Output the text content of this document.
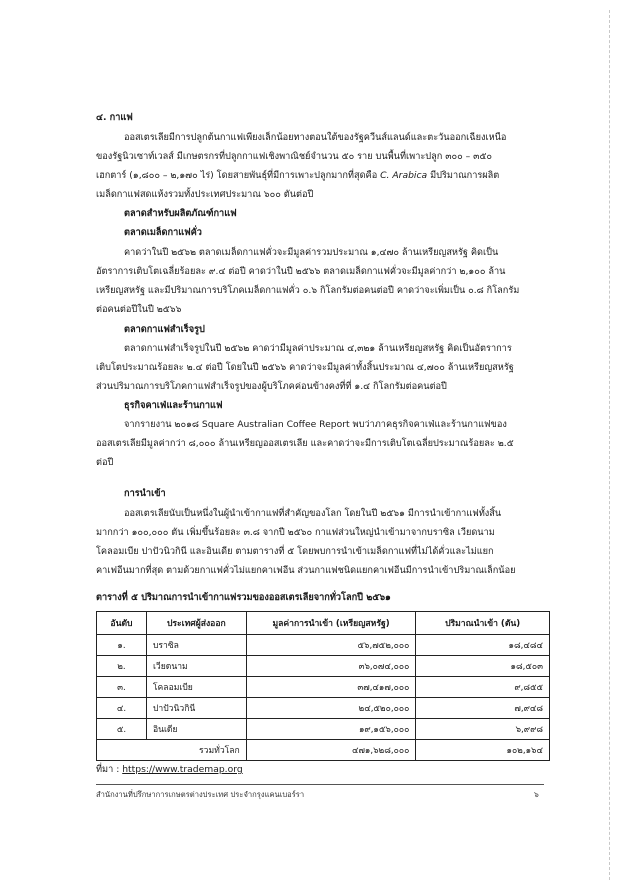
๔. กาแฟ
ออสเตรเลียมีการปลูกต้นกาแฟเพียงเล็กน้อยทางตอนใต้ของรัฐควีนส์แลนด์และตะวันออกเฉียงเหนือ
ของรัฐนิวเซาท์เวลส์ มีเกษตรกรที่ปลูกกาแฟเชิงพาณิชย์จำนวน ๕๐ ราย บนพื้นที่เพาะปลูก ๓๐๐ – ๓๕๐
เฮกตาร์ (๑,๘๐๐ – ๒,๑๗๐ ไร่) โดยสายพันธุ์ที่มีการเพาะปลูกมากที่สุดคือ C. Arabica มีปริมาณการผลิต
เมล็ดกาแฟสดแห้งรวมทั้งประเทศประมาณ ๖๐๐ ตันต่อปี
ตลาดสำหรับผลิตภัณฑ์กาแฟ
ตลาดเมล็ดกาแฟคั่ว
คาดว่าในปี ๒๕๖๒ ตลาดเมล็ดกาแฟคั่วจะมีมูลค่ารวมประมาณ ๑,๔๗๐ ล้านเหรียญสหรัฐ คิดเป็น
อัตราการเติบโตเฉลี่ยร้อยละ ๙.๔ ต่อปี คาดว่าในปี ๒๕๖๖ ตลาดเมล็ดกาแฟคั่วจะมีมูลค่ากว่า ๒,๑๐๐ ล้าน
เหรียญสหรัฐ และมีปริมาณการบริโภคเมล็ดกาแฟคั่ว ๐.๖ กิโลกรัมต่อคนต่อปี คาดว่าจะเพิ่มเป็น ๐.๘ กิโลกรัม
ต่อคนต่อปีในปี ๒๕๖๖
ตลาดกาแฟสำเร็จรูป
ตลาดกาแฟสำเร็จรูปในปี ๒๕๖๒ คาดว่ามีมูลค่าประมาณ ๔,๓๒๑ ล้านเหรียญสหรัฐ คิดเป็นอัตราการ
เติบโตประมาณร้อยละ ๒.๔ ต่อปี โดยในปี ๒๕๖๖ คาดว่าจะมีมูลค่าทั้งสิ้นประมาณ ๔,๗๐๐ ล้านเหรียญสหรัฐ
ส่วนปริมาณการบริโภคกาแฟสำเร็จรูปของผู้บริโภคค่อนข้างคงที่ที่ ๑.๔ กิโลกรัมต่อคนต่อปี
ธุรกิจคาเฟ่และร้านกาแฟ
จากรายงาน ๒๐๑๘ Square Australian Coffee Report พบว่าภาคธุรกิจคาเฟ่และร้านกาแฟของ
ออสเตรเลียมีมูลค่ากว่า ๘,๐๐๐ ล้านเหรียญออสเตรเลีย และคาดว่าจะมีการเติบโตเฉลี่ยประมาณร้อยละ ๒.๕
ต่อปี
การนำเข้า
ออสเตรเลียนับเป็นหนึ่งในผู้นำเข้ากาแฟที่สำคัญของโลก โดยในปี ๒๕๖๑ มีการนำเข้ากาแฟทั้งสิ้น
มากกว่า ๑๐๐,๐๐๐ ตัน เพิ่มขึ้นร้อยละ ๓.๘ จากปี ๒๕๖๐ กาแฟส่วนใหญ่นำเข้ามาจากบราซิล เวียดนาม
โคลอมเบีย ปาปัวนิวกินี และอินเดีย ตามตารางที่ ๕ โดยพบการนำเข้าเมล็ดกาแฟที่ไม่ได้คั่วและไม่แยก
คาเฟอีนมากที่สุด ตามด้วยกาแฟคั่วไม่แยกคาเฟอีน ส่วนกาแฟชนิดแยกคาเฟอีนมีการนำเข้าปริมาณเล็กน้อย
ตารางที่ ๕ ปริมาณการนำเข้ากาแฟรวมของออสเตรเลียจากทั่วโลกปี ๒๕๖๑
อันดับ	ประเทศผู้ส่งออก	มูลค่าการนำเข้า (เหรียญสหรัฐ)	ปริมาณนำเข้า (ตัน)
๑.	บราซิล	๕๖,๗๕๒,๐๐๐	๑๘,๔๘๔
๒.	เวียดนาม	๓๖,๐๗๔,๐๐๐	๑๘,๕๐๓
๓.	โคลอมเบีย	๓๗,๔๑๗,๐๐๐	๙,๘๕๕
๔.	ปาปัวนิวกินี	๒๔,๕๒๐,๐๐๐	๗,๙๔๘
๕.	อินเดีย	๑๙,๑๕๖,๐๐๐	๖,๙๙๘
รวมทั่วโลก		๔๗๑,๖๒๘,๐๐๐	๑๐๒,๑๖๔
ที่มา : https://www.trademap.org
สำนักงานที่ปรึกษาการเกษตรต่างประเทศ ประจำกรุงแคนเบอร์รา	๖
